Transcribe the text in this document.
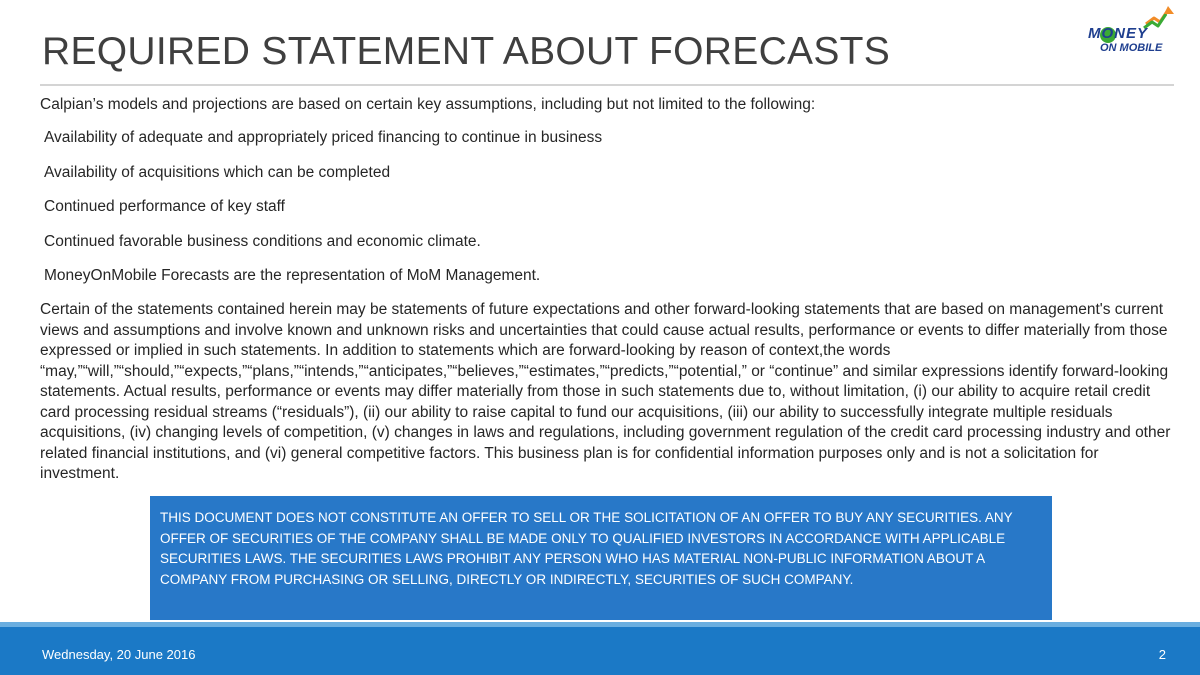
REQUIRED STATEMENT ABOUT FORECASTS	MONEY
ON MOBILE
Calpian’s models and projections are based on certain key assumptions, including but not limited to the following:
Availability of adequate and appropriately priced financing to continue in business
Availability of acquisitions which can be completed
Continued performance of key staff
Continued favorable business conditions and economic climate.
MoneyOnMobile Forecasts are the representation of MoM Management.

Certain of the statements contained herein may be statements of future expectations and other forward-looking statements that are based on management's current views and assumptions and involve known and unknown risks and uncertainties that could cause actual results, performance or events to differ materially from those expressed or implied in such statements. In addition to statements which are forward-looking by reason of context,the words “may,”“will,”“should,”“expects,”“plans,”“intends,”“anticipates,”“believes,”“estimates,”“predicts,”“potential,” or “continue” and similar expressions identify forward-looking statements. Actual results, performance or events may differ materially from those in such statements due to, without limitation, (i) our ability to acquire retail credit card processing residual streams (“residuals”), (ii) our ability to raise capital to fund our acquisitions, (iii) our ability to successfully integrate multiple residuals acquisitions, (iv) changing levels of competition, (v) changes in laws and regulations, including government regulation of the credit card processing industry and other related financial institutions, and (vi) general competitive factors. This business plan is for confidential information purposes only and is not a solicitation for investment.

THIS DOCUMENT DOES NOT CONSTITUTE AN OFFER TO SELL OR THE SOLICITATION OF AN OFFER TO BUY ANY SECURITIES. ANY OFFER OF SECURITIES OF THE COMPANY SHALL BE MADE ONLY TO QUALIFIED INVESTORS IN ACCORDANCE WITH APPLICABLE SECURITIES LAWS. THE SECURITIES LAWS PROHIBIT ANY PERSON WHO HAS MATERIAL NON-PUBLIC INFORMATION ABOUT A COMPANY FROM PURCHASING OR SELLING, DIRECTLY OR INDIRECTLY, SECURITIES OF SUCH COMPANY.

Wednesday, 20 June 2016	2
